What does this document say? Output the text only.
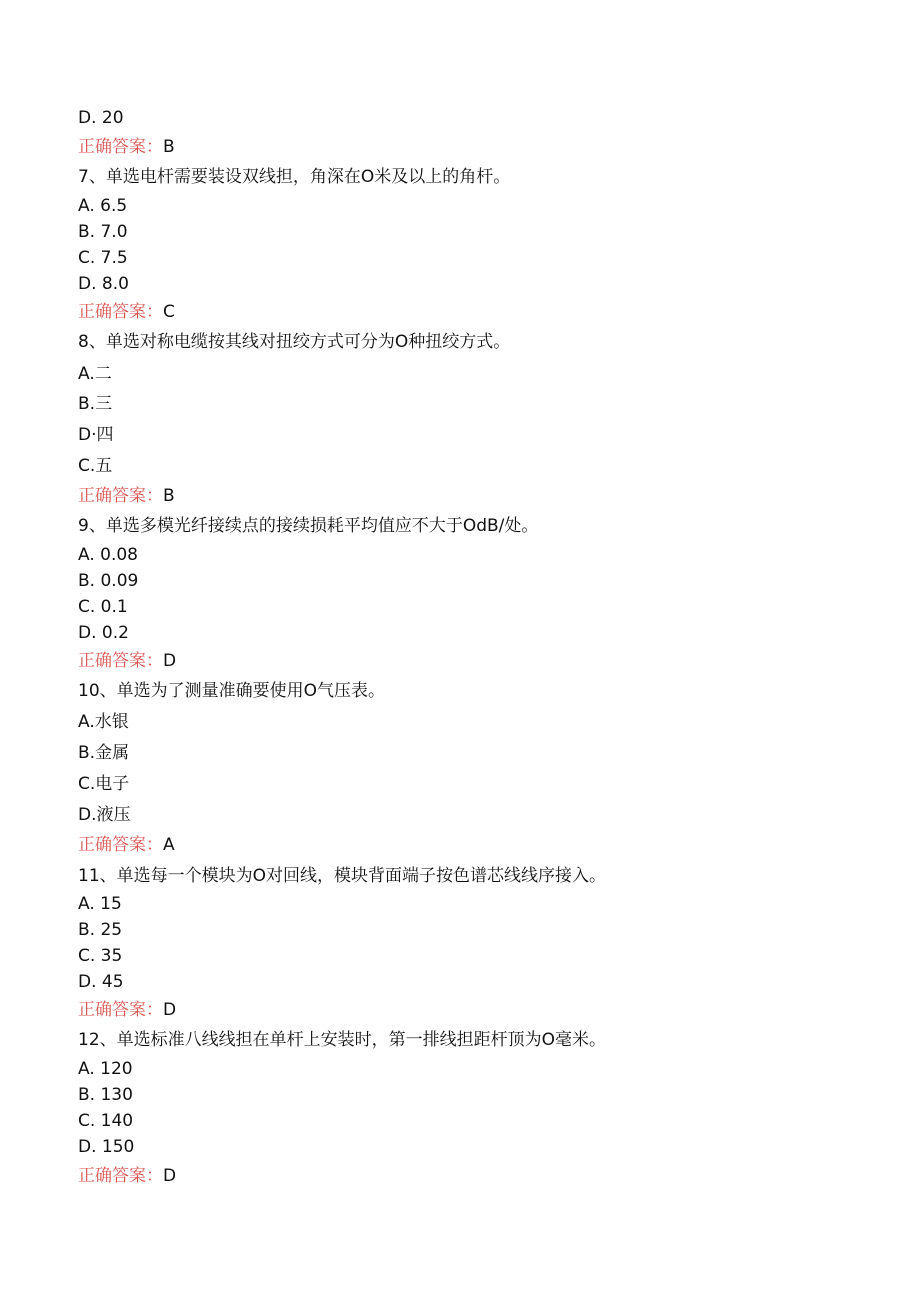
D. 20
正确答案：B
7、单选电杆需要装设双线担，角深在O米及以上的角杆。
A. 6.5
B. 7.0
C. 7.5
D. 8.0
正确答案：C
8、单选对称电缆按其线对扭绞方式可分为O种扭绞方式。
A.二
B.三
D·四
C.五
正确答案：B
9、单选多模光纤接续点的接续损耗平均值应不大于OdB/处。
A. 0.08
B. 0.09
C. 0.1
D. 0.2
正确答案：D
10、单选为了测量准确要使用O气压表。
A.水银
B.金属
C.电子
D.液压
正确答案：A
11、单选每一个模块为O对回线，模块背面端子按色谱芯线线序接入。
A. 15
B. 25
C. 35
D. 45
正确答案：D
12、单选标准八线线担在单杆上安装时，第一排线担距杆顶为O毫米。
A. 120
B. 130
C. 140
D. 150
正确答案：D
